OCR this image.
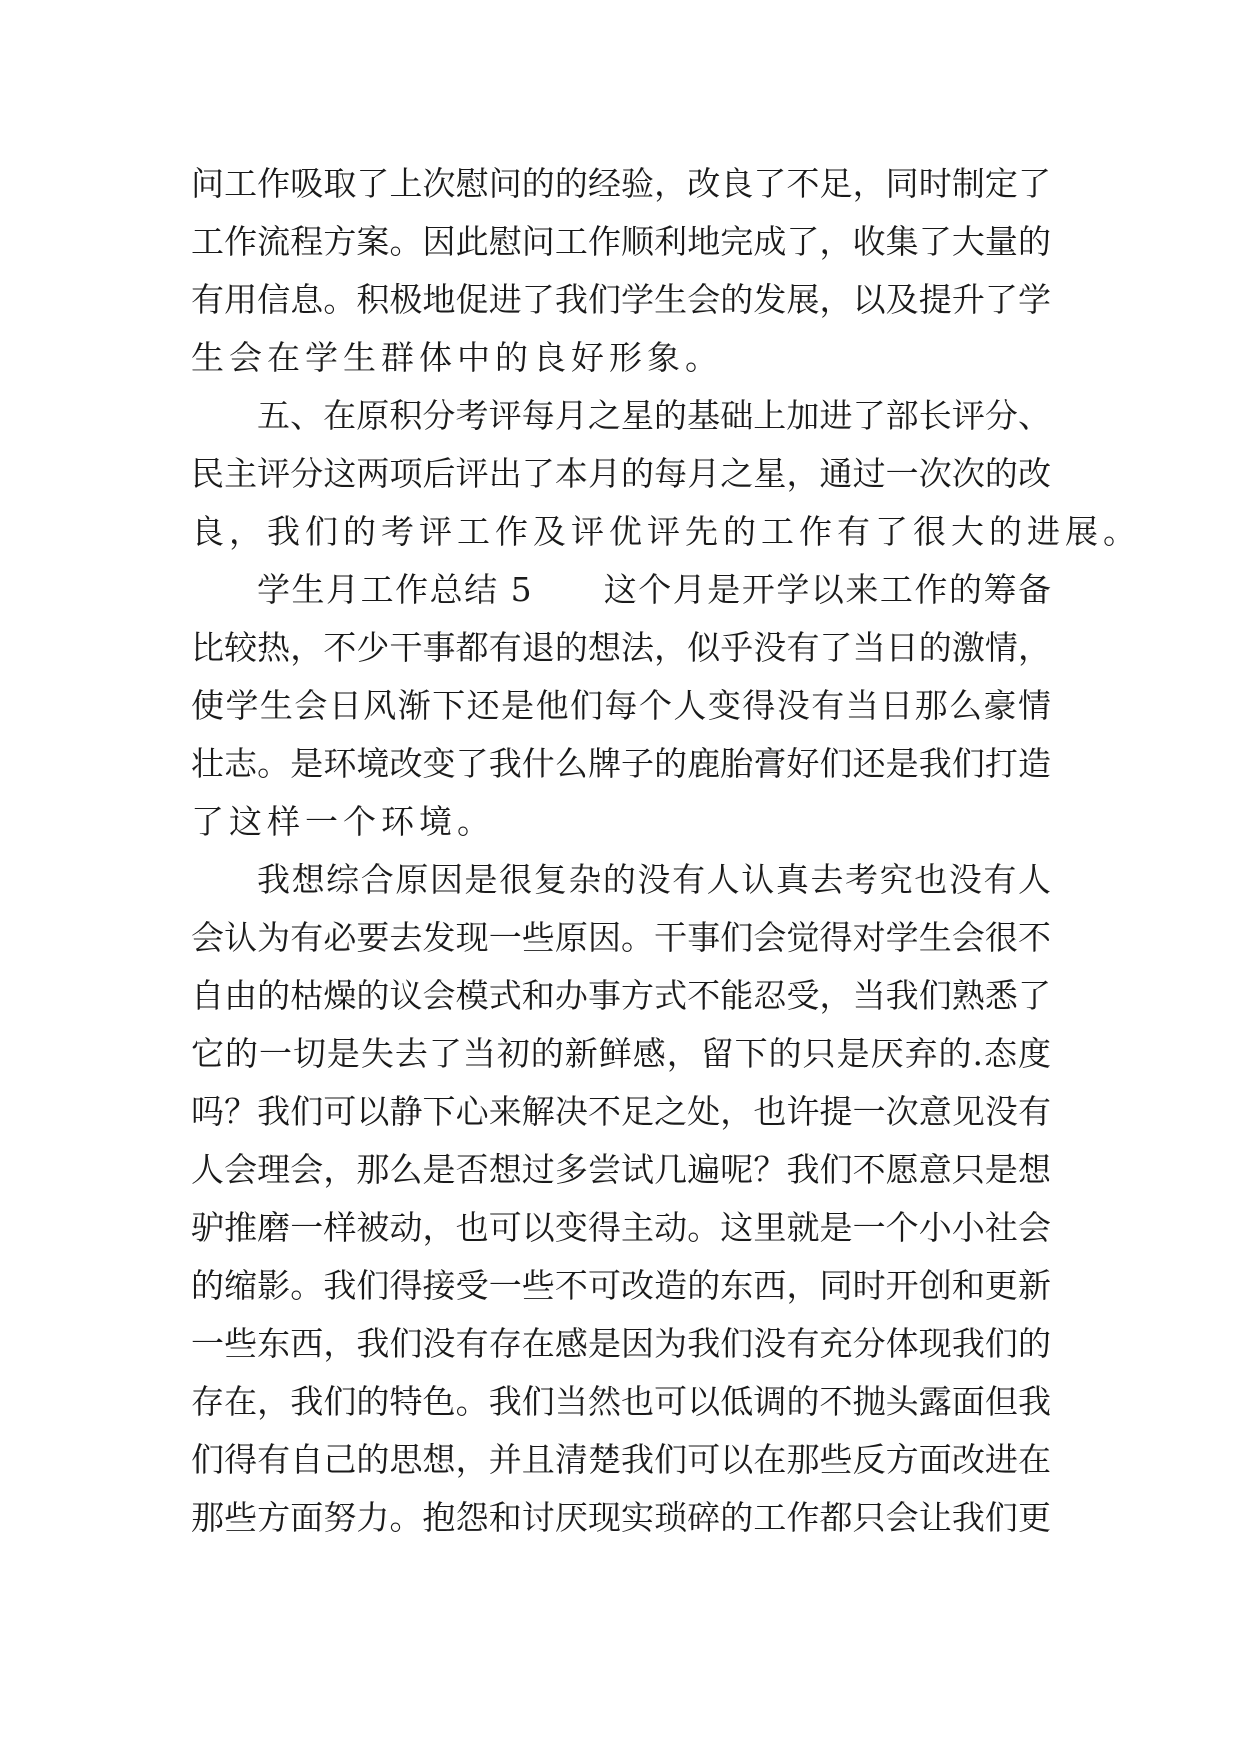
问工作吸取了上次慰问的的经验，改良了不足，同时制定了
工作流程方案。因此慰问工作顺利地完成了，收集了大量的
有用信息。积极地促进了我们学生会的发展，以及提升了学
生会在学生群体中的良好形象。
五、在原积分考评每月之星的基础上加进了部长评分、
民主评分这两项后评出了本月的每月之星，通过一次次的改
良，我们的考评工作及评优评先的工作有了很大的进展。
学生月工作总结 5      这个月是开学以来工作的筹备
比较热，不少干事都有退的想法，似乎没有了当日的激情，
使学生会日风渐下还是他们每个人变得没有当日那么豪情
壮志。是环境改变了我什么牌子的鹿胎膏好们还是我们打造
了这样一个环境。
我想综合原因是很复杂的没有人认真去考究也没有人
会认为有必要去发现一些原因。干事们会觉得对学生会很不
自由的枯燥的议会模式和办事方式不能忍受，当我们熟悉了
它的一切是失去了当初的新鲜感，留下的只是厌弃的.态度
吗？我们可以静下心来解决不足之处，也许提一次意见没有
人会理会，那么是否想过多尝试几遍呢？我们不愿意只是想
驴推磨一样被动，也可以变得主动。这里就是一个小小社会
的缩影。我们得接受一些不可改造的东西，同时开创和更新
一些东西，我们没有存在感是因为我们没有充分体现我们的
存在，我们的特色。我们当然也可以低调的不抛头露面但我
们得有自己的思想，并且清楚我们可以在那些反方面改进在
那些方面努力。抱怨和讨厌现实琐碎的工作都只会让我们更
